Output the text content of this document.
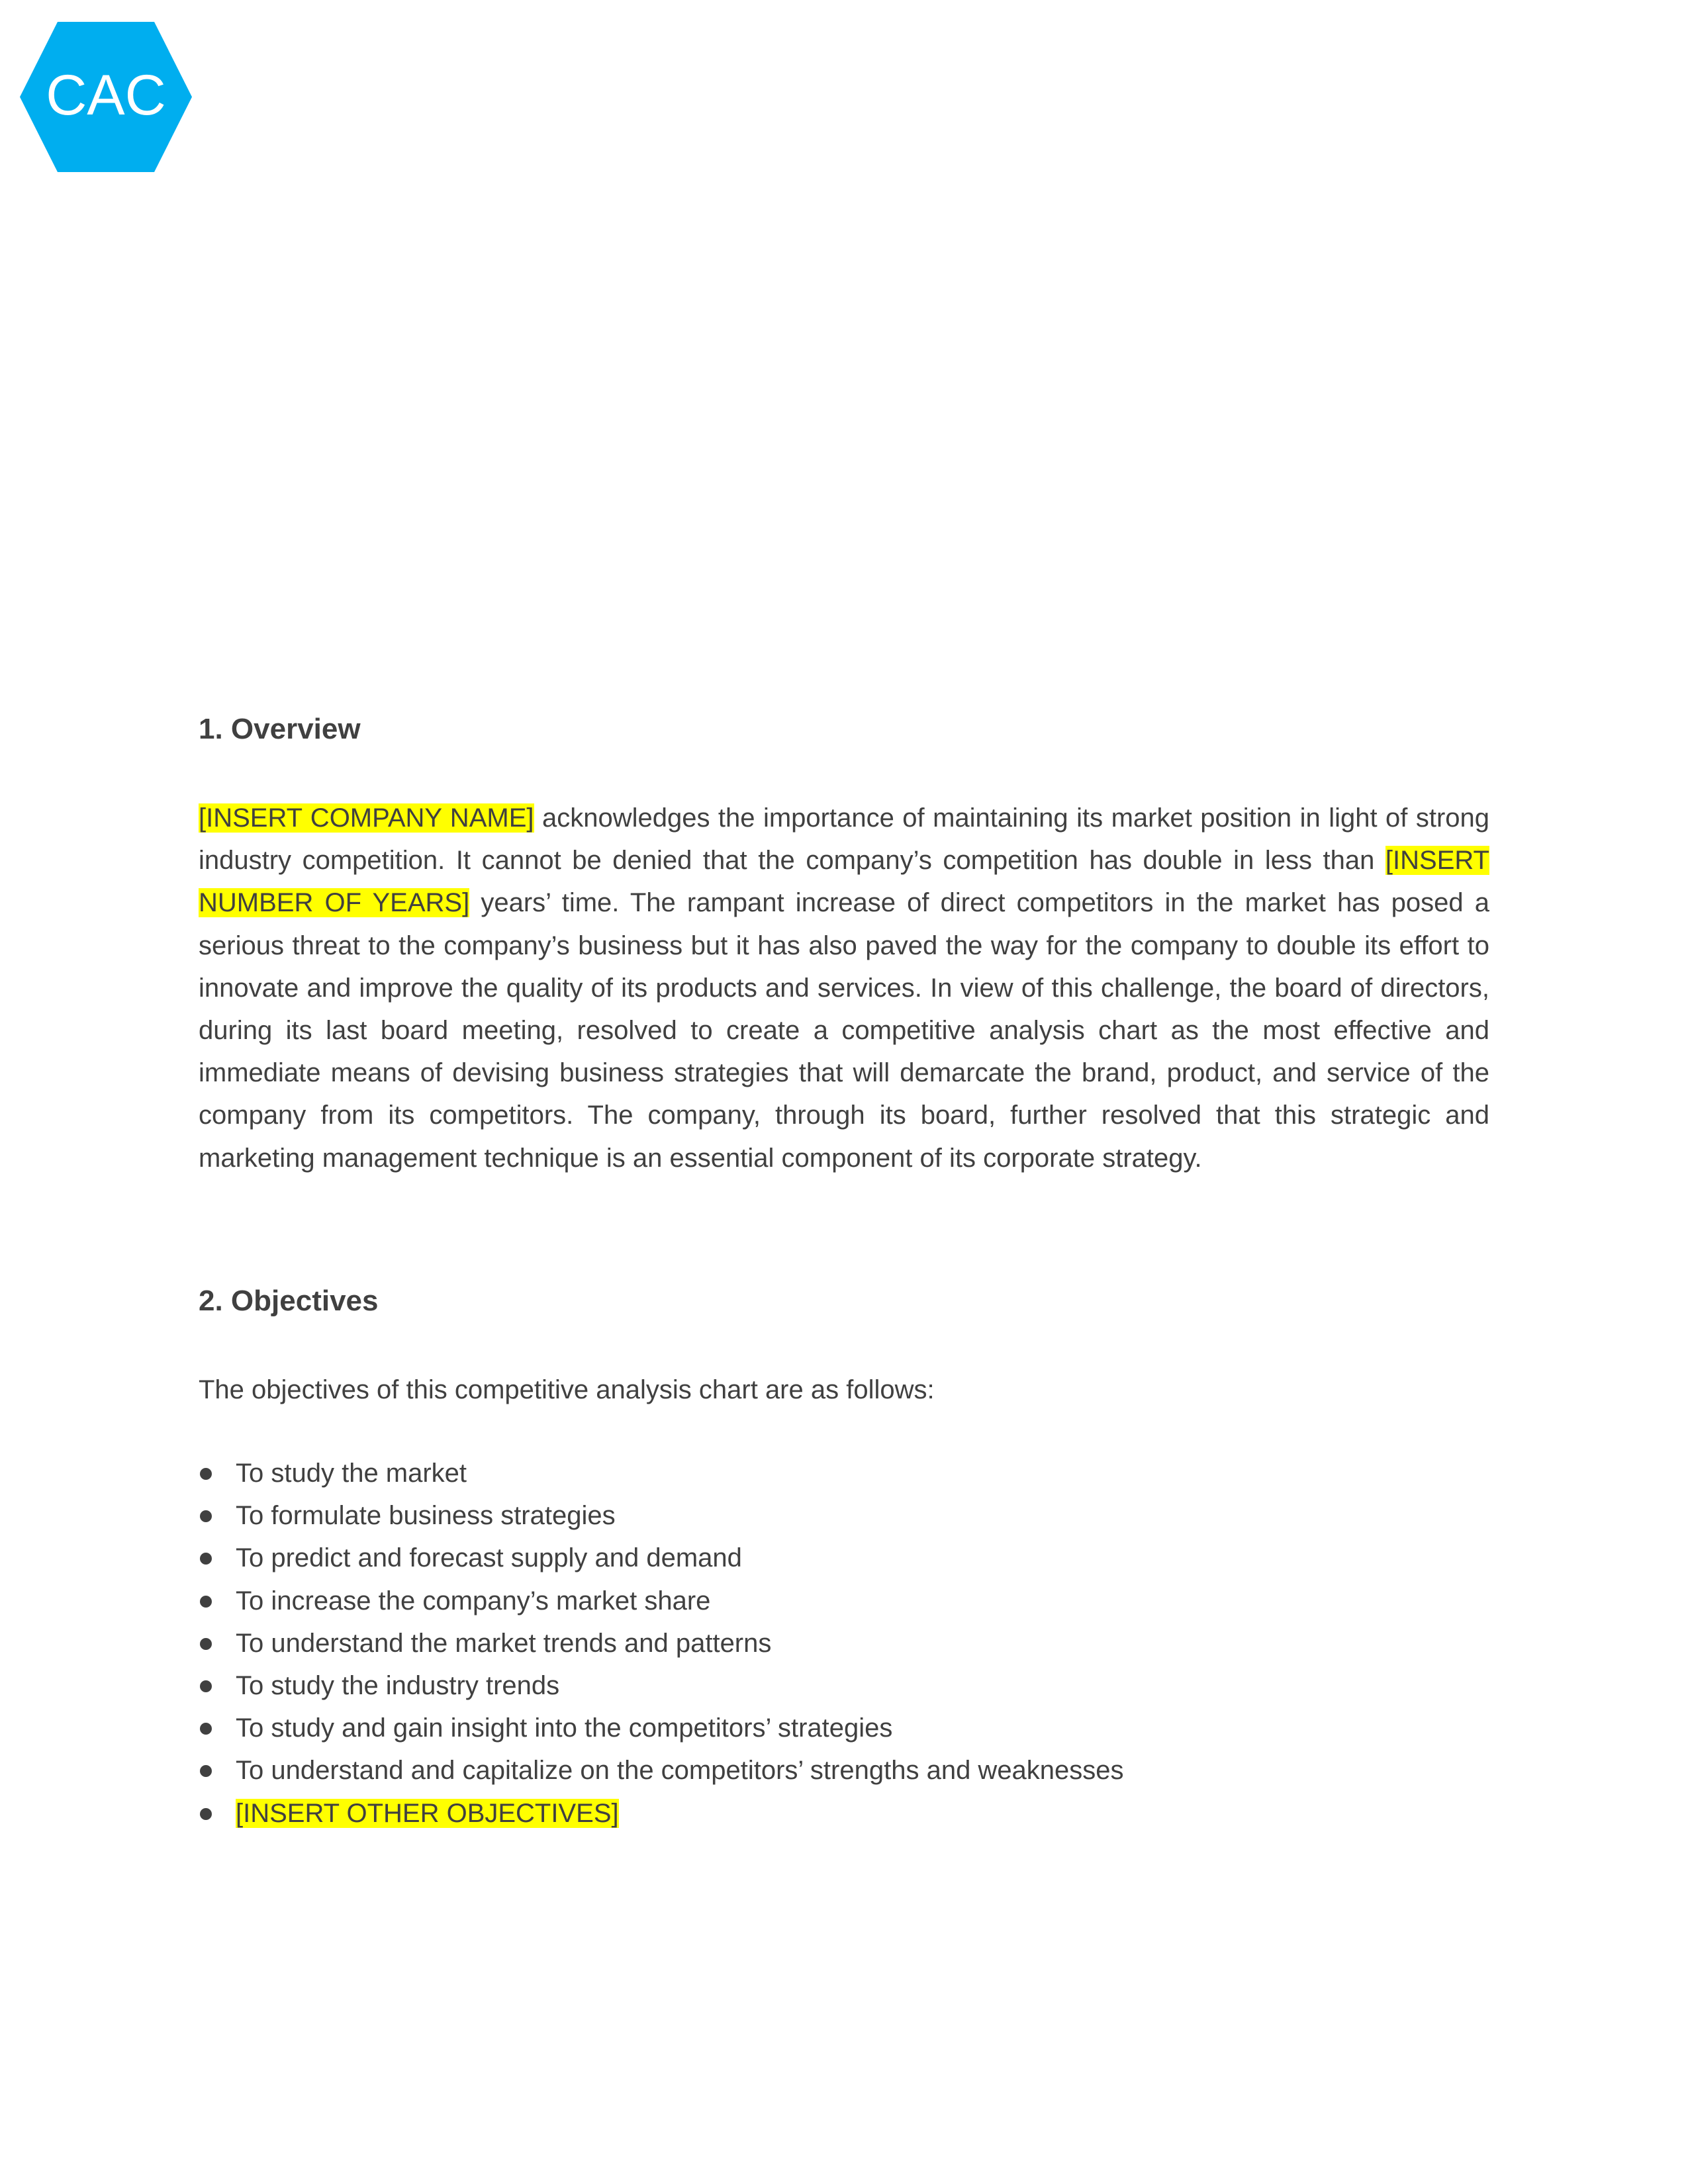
CAC
1. Overview

[INSERT COMPANY NAME] acknowledges the importance of maintaining its market position in light of strong industry competition. It cannot be denied that the company’s competition has double in less than [INSERT NUMBER OF YEARS] years’ time. The rampant increase of direct competitors in the market has posed a serious threat to the company’s business but it has also paved the way for the company to double its effort to innovate and improve the quality of its products and services. In view of this challenge, the board of directors, during its last board meeting, resolved to create a competitive analysis chart as the most effective and immediate means of devising business strategies that will demarcate the brand, product, and service of the company from its competitors. The company, through its board, further resolved that this strategic and marketing management technique is an essential component of its corporate strategy.

2. Objectives

The objectives of this competitive analysis chart are as follows:

To study the market
To formulate business strategies
To predict and forecast supply and demand
To increase the company’s market share
To understand the market trends and patterns
To study the industry trends
To study and gain insight into the competitors’ strategies
To understand and capitalize on the competitors’ strengths and weaknesses
[INSERT OTHER OBJECTIVES]
